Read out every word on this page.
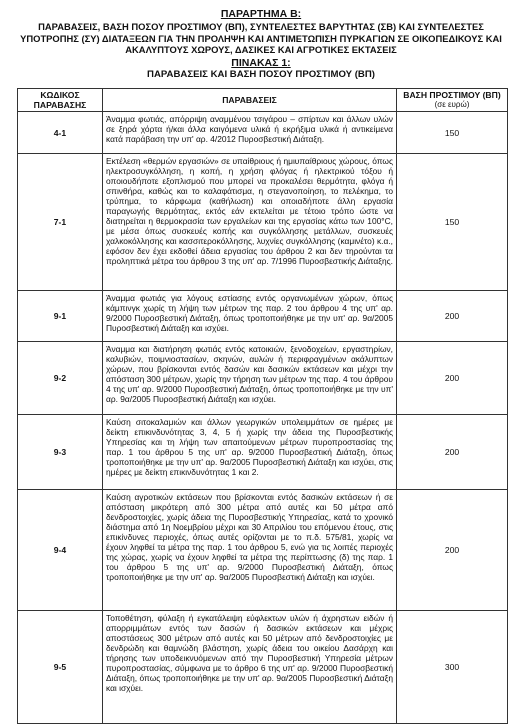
ΠΑΡΑΡΤΗΜΑ Β:
ΠΑΡΑΒΑΣΕΙΣ, ΒΑΣΗ ΠΟΣΟΥ ΠΡΟΣΤΙΜΟΥ (ΒΠ), ΣΥΝΤΕΛΕΣΤΕΣ ΒΑΡΥΤΗΤΑΣ (ΣΒ) ΚΑΙ ΣΥΝΤΕΛΕΣΤΕΣ ΥΠΟΤΡΟΠΗΣ (ΣΥ) ΔΙΑΤΑΞΕΩΝ ΓΙΑ ΤΗΝ ΠΡΟΛΗΨΗ ΚΑΙ ΑΝΤΙΜΕΤΩΠΙΣΗ ΠΥΡΚΑΓΙΩΝ ΣΕ ΟΙΚΟΠΕΔΙΚΟΥΣ ΚΑΙ ΑΚΑΛΥΠΤΟΥΣ ΧΩΡΟΥΣ, ΔΑΣΙΚΕΣ ΚΑΙ ΑΓΡΟΤΙΚΕΣ ΕΚΤΑΣΕΙΣ
ΠΙΝΑΚΑΣ 1:
ΠΑΡΑΒΑΣΕΙΣ ΚΑΙ ΒΑΣΗ ΠΟΣΟΥ ΠΡΟΣΤΙΜΟΥ (ΒΠ)
ΚΩΔΙΚΟΣ ΠΑΡΑΒΑΣΗΣ	ΠΑΡΑΒΑΣΕΙΣ	ΒΑΣΗ ΠΡΟΣΤΙΜΟΥ (ΒΠ)
(σε ευρώ)

4-1	Άναμμα φωτιάς, απόρριψη αναμμένου τσιγάρου – σπίρτων και άλλων υλών σε ξηρά χόρτα ή/και άλλα καιγόμενα υλικά ή εκρήξιμα υλικά ή αντικείμενα κατά παράβαση την υπ' αρ. 4/2012 Πυροσβεστική Διάταξη.	150
7-1	Εκτέλεση «θερμών εργασιών» σε υπαίθριους ή ημιυπαίθριους χώρους, όπως ηλεκτροσυγκόλληση, η κοπή, η χρήση φλόγας ή ηλεκτρικού τόξου ή οποιουδήποτε εξοπλισμού που μπορεί να προκαλέσει θερμότητα, φλόγα ή σπινθήρα, καθώς και το καλαφάτισμα, η στεγανοποίηση, το πελέκημα, το τρύπημα, το κάρφωμα (καθήλωση) και οποιαδήποτε άλλη εργασία παραγωγής θερμότητας, εκτός εάν εκτελείται με τέτοιο τρόπο ώστε να διατηρείται η θερμοκρασία των εργαλείων και της εργασίας κάτω των 100°C, με μέσα όπως συσκευές κοπής και συγκόλλησης μετάλλων, συσκευές χαλκοκόλλησης και κασσιτεροκόλλησης, λυχνίες συγκόλλησης (καμινέτο) κ.α., εφόσον δεν έχει εκδοθεί άδεια εργασίας του άρθρου 2 και δεν τηρούνται τα προληπτικά μέτρα του άρθρου 3 της υπ' αρ. 7/1996 Πυροσβεστικής Διάταξης.	150
9-1	Άναμμα φωτιάς για λόγους εστίασης εντός οργανωμένων χώρων, όπως κάμπινγκ χωρίς τη λήψη των μέτρων της παρ. 2 του άρθρου 4 της υπ' αρ. 9/2000 Πυροσβεστική Διάταξη, όπως τροποποιήθηκε με την υπ' αρ. 9α/2005 Πυροσβεστική Διάταξη και ισχύει.	200
9-2	Άναμμα και διατήρηση φωτιάς εντός κατοικιών, ξενοδοχείων, εργαστηρίων, καλυβιών, ποιμνιοστασίων, σκηνών, αυλών ή περιφραγμένων ακάλυπτων χώρων, που βρίσκονται εντός δασών και δασικών εκτάσεων και μέχρι την απόσταση 300 μέτρων, χωρίς την τήρηση των μέτρων της παρ. 4 του άρθρου 4 της υπ' αρ. 9/2000 Πυροσβεστική Διάταξη, όπως τροποποιήθηκε με την υπ' αρ. 9α/2005 Πυροσβεστική Διάταξη και ισχύει.	200
9-3	Καύση σιτοκαλαμιών και άλλων γεωργικών υπολειμμάτων σε ημέρες με δείκτη επικινδυνότητας 3, 4, 5 ή χωρίς την άδεια της Πυροσβεστικής Υπηρεσίας και τη λήψη των απαιτούμενων μέτρων πυροπροστασίας της παρ. 1 του άρθρου 5 της υπ' αρ. 9/2000 Πυροσβεστική Διάταξη, όπως τροποποιήθηκε με την υπ' αρ. 9α/2005 Πυροσβεστική Διάταξη και ισχύει, στις ημέρες με δείκτη επικινδυνότητας 1 και 2.	200
9-4	Καύση αγροτικών εκτάσεων που βρίσκονται εντός δασικών εκτάσεων ή σε απόσταση μικρότερη από 300 μέτρα από αυτές και 50 μέτρα από δενδροστοιχίες, χωρίς άδεια της Πυροσβεστικής Υπηρεσίας, κατά το χρονικό διάστημα από 1η Νοεμβρίου μέχρι και 30 Απριλίου του επόμενου έτους, στις επικίνδυνες περιοχές, όπως αυτές ορίζονται με το π.δ. 575/81, χωρίς να έχουν ληφθεί τα μέτρα της παρ. 1 του άρθρου 5, ενώ για τις λοιπές περιοχές της χώρας, χωρίς να έχουν ληφθεί τα μέτρα της περίπτωσης (δ) της παρ. 1 του άρθρου 5 της υπ' αρ. 9/2000 Πυροσβεστική Διάταξη, όπως τροποποιήθηκε με την υπ' αρ. 9α/2005 Πυροσβεστική Διάταξη και ισχύει.	200
9-5	Τοποθέτηση, φύλαξη ή εγκατάλειψη εύφλεκτων υλών ή άχρηστων ειδών ή απορριμμάτων εντός των δασών ή δασικών εκτάσεων και μέχρις αποστάσεως 300 μέτρων από αυτές και 50 μέτρων από δενδροστοιχίες με δενδρώδη και θαμνώδη βλάστηση, χωρίς άδεια του οικείου Δασάρχη και τήρησης των υποδεικνυόμενων από την Πυροσβεστική Υπηρεσία μέτρων πυροπροστασίας, σύμφωνα με το άρθρο 6 της υπ' αρ. 9/2000 Πυροσβεστική Διάταξη, όπως τροποποιήθηκε με την υπ' αρ. 9α/2005 Πυροσβεστική Διάταξη και ισχύει.	300
